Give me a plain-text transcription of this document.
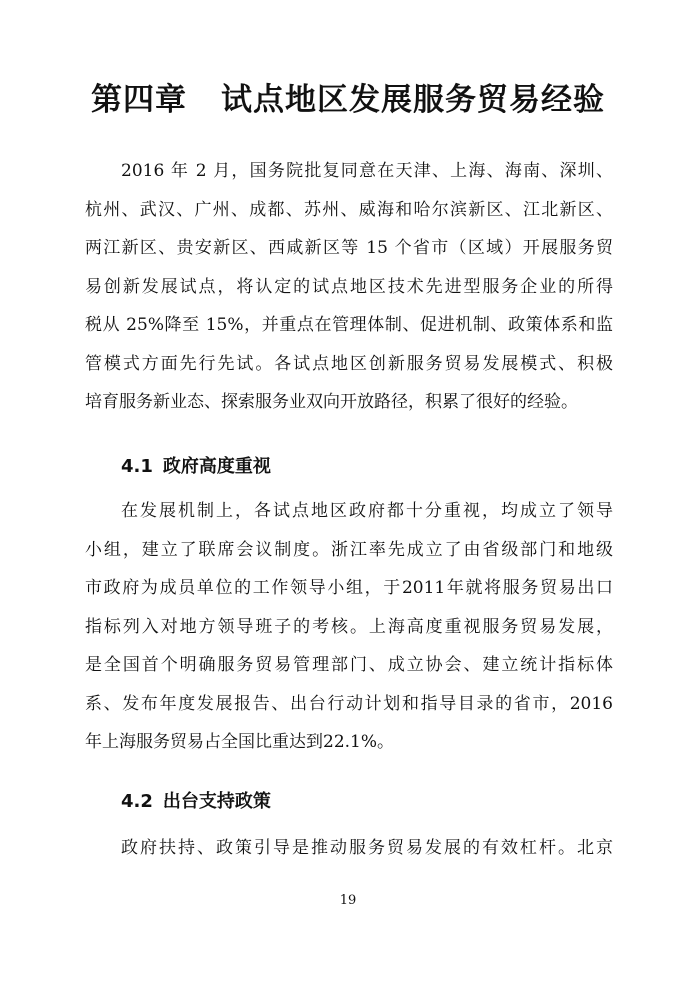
第四章 试点地区发展服务贸易经验
2016 年 2 月，国务院批复同意在天津、上海、海南、深圳、
杭州、武汉、广州、成都、苏州、威海和哈尔滨新区、江北新区、
两江新区、贵安新区、西咸新区等 15 个省市（区域）开展服务贸
易创新发展试点，将认定的试点地区技术先进型服务企业的所得
税从 25%降至 15%，并重点在管理体制、促进机制、政策体系和监
管模式方面先行先试。各试点地区创新服务贸易发展模式、积极
培育服务新业态、探索服务业双向开放路径，积累了很好的经验。
4.1 政府高度重视
在发展机制上，各试点地区政府都十分重视，均成立了领导
小组，建立了联席会议制度。浙江率先成立了由省级部门和地级
市政府为成员单位的工作领导小组，于2011年就将服务贸易出口
指标列入对地方领导班子的考核。上海高度重视服务贸易发展，
是全国首个明确服务贸易管理部门、成立协会、建立统计指标体
系、发布年度发展报告、出台行动计划和指导目录的省市，2016
年上海服务贸易占全国比重达到22.1%。
4.2 出台支持政策
政府扶持、政策引导是推动服务贸易发展的有效杠杆。北京
19
